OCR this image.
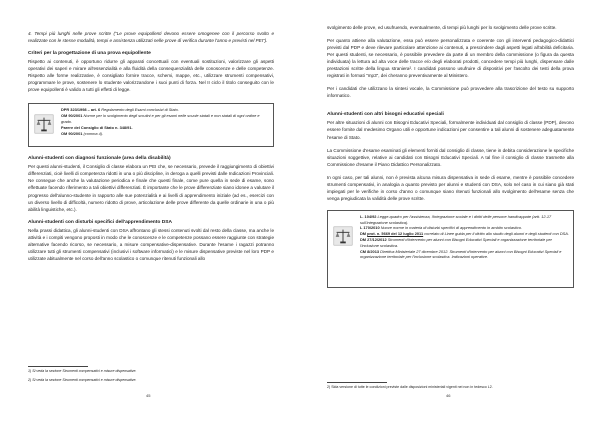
4. Tempi più lunghi nelle prove scritte ("Le prove equipollenti devono essere omogenee con il percorso svolto e realizzate con le stesse modalità, tempi e assistenza utilizzati nelle prove di verifica durante l'anno e previsti nel PEI").

Criteri per la progettazione di una prova equipollente

Rispetto ai contenuti, è opportuno ridurre gli apparati concettuali con eventuali sostituzioni, valorizzare gli aspetti operativi dei saperi e mirare all'essenzialità e alla fluidità della consequenzialità delle conoscenze e delle competenze. Rispetto alle forme realizzative, è consigliato fornire tracce, schemi, mappe, etc., utilizzare strumenti compensativi, programmare le prove, sostenere lo studente valorizzandone i suoi punti di forza. Nel II ciclo il titolo conseguito con le prove equipollenti è valido a tutti gli effetti di legge.

DPR 323/1998 – art. 6 Regolamento degli Esami conclusivi di Stato.
OM 90/2001 Norme per lo svolgimento degli scrutini e per gli esami nelle scuole statali e non statali di ogni ordine e grado.
Parere del Consiglio di Stato n. 348/91.
OM 90/2001 (comma 4).
Alunni-studenti con diagnosi funzionale (area della disabilità)

Per questi alunni-studenti, il Consiglio di classe elabora un PEI che, se necessario, prevede il raggiungimento di obiettivi differenziati, cioè livelli di competenza ridotti in una o più discipline, in deroga a quelli previsti dalle Indicazioni Provinciali. Ne consegue che anche la valutazione periodica e finale che questi finale, come pure quella in sede di esame, sono effettuate facendo riferimento a tali obiettivi differenziati. È importante che le prove differenziate siano idonee a valutare il progresso dell'alunno-studente in rapporto alle sue potenzialità e ai livelli di apprendimento iniziale (ad es., esercizi con un diverso livello di difficoltà, numero ridotto di prove, articolazione delle prove differente da quelle ordinarie in una o più abilità linguistiche, etc.).

Alunni-studenti con disturbi specifici dell'apprendimento DSA

Nella prassi didattica, gli alunni-studenti con DSA affrontano gli stessi contenuti svolti dal resto della classe, ma anche le attività e i compiti vengono proposti in modo che le conoscenze e le competenze possano essere raggiunte con strategie alternative facendo ricorso, se necessario, a misure compensative-dispensative. Durante l'esame i ragazzi potranno utilizzare tutti gli strumenti compensativi (inclusivi i software informatici) e le misure dispensative previste nel loro PDP e utilizzate abitualmente nel corso dell'anno scolastico o comunque ritenuti funzionali allo

1) Si veda la sezione Strumenti compensativi e misure dispensative.
2) Si veda la sezione Strumenti compensativi e misure dispensative.
45

svolgimento delle prove, ed usufruendo, eventualmente, di tempi più lunghi per lo svolgimento delle prove scritte.

Per quanto attiene alla valutazione, essa può essere personalizzata e coerente con gli interventi pedagogico-didattici previsti dal PDP e deve rilevare particolare attenzione ai contenuti, a prescindere dagli aspetti legati all'abilità deficitaria. Per questi studenti, se necessario, è possibile prevedere da parte di un membro della commissione (o figura da questa individuata) la lettura ad alta voce delle tracce e/o degli elaborati prodotti, concedere tempi più lunghi, dispensare dalle prestazioni scritte della lingua straniera². I candidati possono usufruire di dispositivi per l'ascolto dei testi della prova registrati in formati "mp3", dei cheranno preventivamente al Ministero.

Per i candidati che utilizzano la sintesi vocale, la Commissione può provvedere alla trascrizione del testo su supporto informatico.

Alunni-studenti con altri bisogni educativi speciali

Per altre situazioni di alunni con Bisogni Educativi Speciali, formalmente individuati dal consiglio di classe (PDP), devono essere fornite dal medesimo Organo utili e opportune indicazioni per consentire a tali alunni di sostenere adeguatamente l'esame di Stato.

La Commissione d'esame esaminati gli elementi forniti dal consiglio di classe, tiene in debita considerazione le specifiche situazioni soggettive, relative ai candidati con Bisogni Educativi Speciali. A tal fine il consiglio di classe trasmette alla Commissione d'esame il Piano Didattico Personalizzato.

In ogni caso, per tali alunni, non è prevista alcuna misura dispensativa in sede di esame, mentre è possibile concedere strumenti compensativi, in analogia a quanto previsto per alunni e studenti con DSA, solo nel caso in cui siano già stati impiegati per le verifiche in corso d'anno o comunque siano ritenuti funzionali allo svolgimento dell'esame senza che venga pregiudicata la validità delle prove scritte.

L. 104/92 Legge-quadro per l'assistenza, l'integrazione sociale e i diritti delle persone handicappate (artt. 12-17 sull'integrazione scolastica).
L 170/2010 Nuove norme in materia di disturbi specifici di apprendimento in ambito scolastico.
DM prot. n. 5669 del 12 luglio 2011 correlato di Linee guida per il diritto allo studio degli alunni e degli studenti con DSA.
DM 27/12/2012 Strumenti d'intervento per alunni con Bisogni Educativi Speciali e organizzazione territoriale per l'inclusione scolastica.
CM 8/2013 Direttiva Ministeriale 27 dicembre 2012. Strumenti d'intervento per alunni con Bisogni Educativi Speciali e organizzazione territoriale per l'inclusione scolastica. Indicazioni operative.
2) Sida versione di tutte le condizioni previste dalle disposizioni ministeriali vigenti nei non in tedesco L2.
46
